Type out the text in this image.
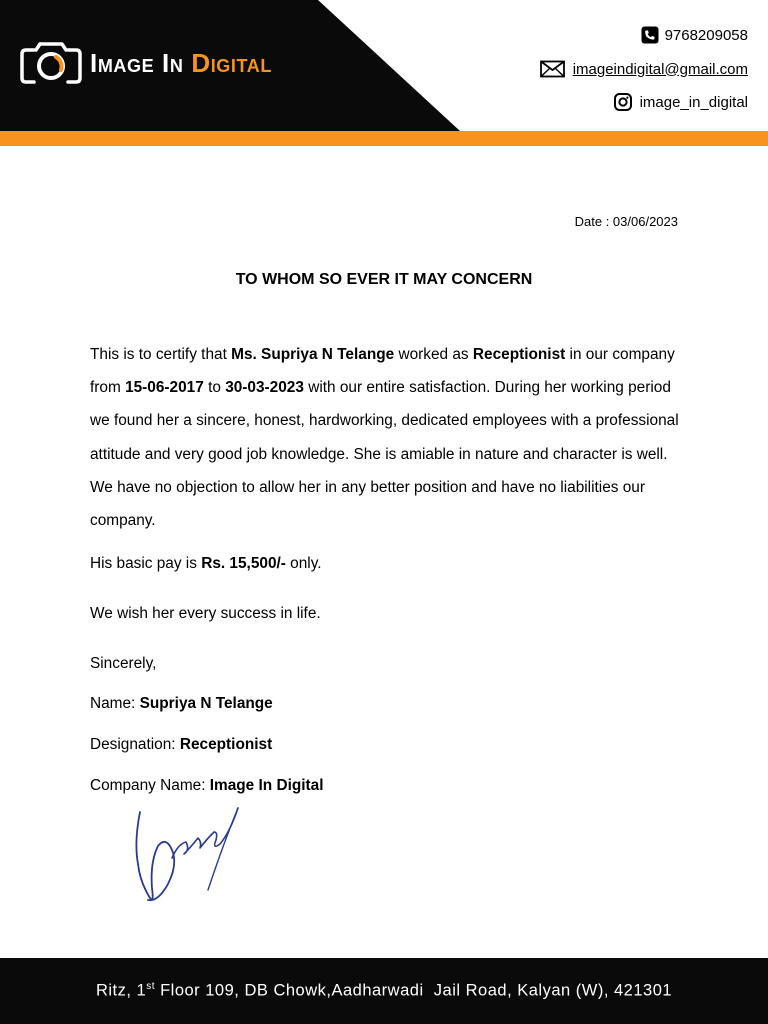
Image In Digital
9768209058
imageindigital@gmail.com
image_in_digital
Date : 03/06/2023
TO WHOM SO EVER IT MAY CONCERN

This is to certify that Ms. Supriya N Telange worked as Receptionist in our company from 15-06-2017 to 30-03-2023 with our entire satisfaction. During her working period we found her a sincere, honest, hardworking, dedicated employees with a professional attitude and very good job knowledge. She is amiable in nature and character is well. We have no objection to allow her in any better position and have no liabilities our company.

His basic pay is Rs. 15,500/- only.

We wish her every success in life.

Sincerely,

Name: Supriya N Telange

Designation: Receptionist

Company Name: Image In Digital

Ritz, 1st Floor 109, DB Chowk,Aadharwadi  Jail Road, Kalyan (W), 421301
